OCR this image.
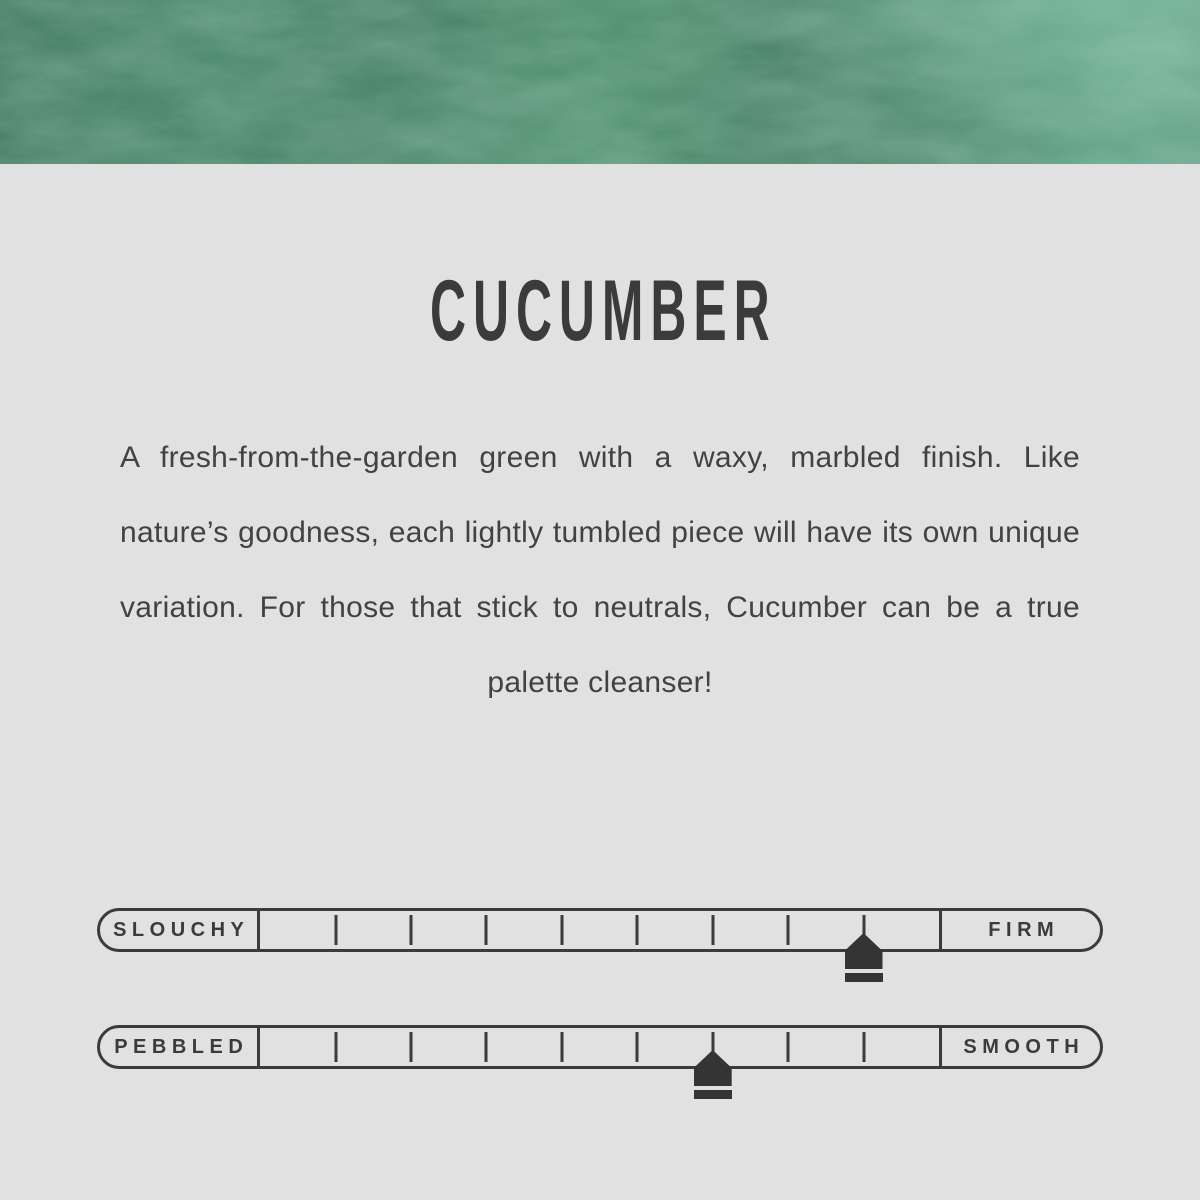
CUCUMBER

A fresh-from-the-garden green with a waxy, marbled finish. Like nature’s goodness, each lightly tumbled piece will have its own unique variation. For those that stick to neutrals, Cucumber can be a true palette cleanser!

SLOUCHY	FIRM
PEBBLED	SMOOTH
